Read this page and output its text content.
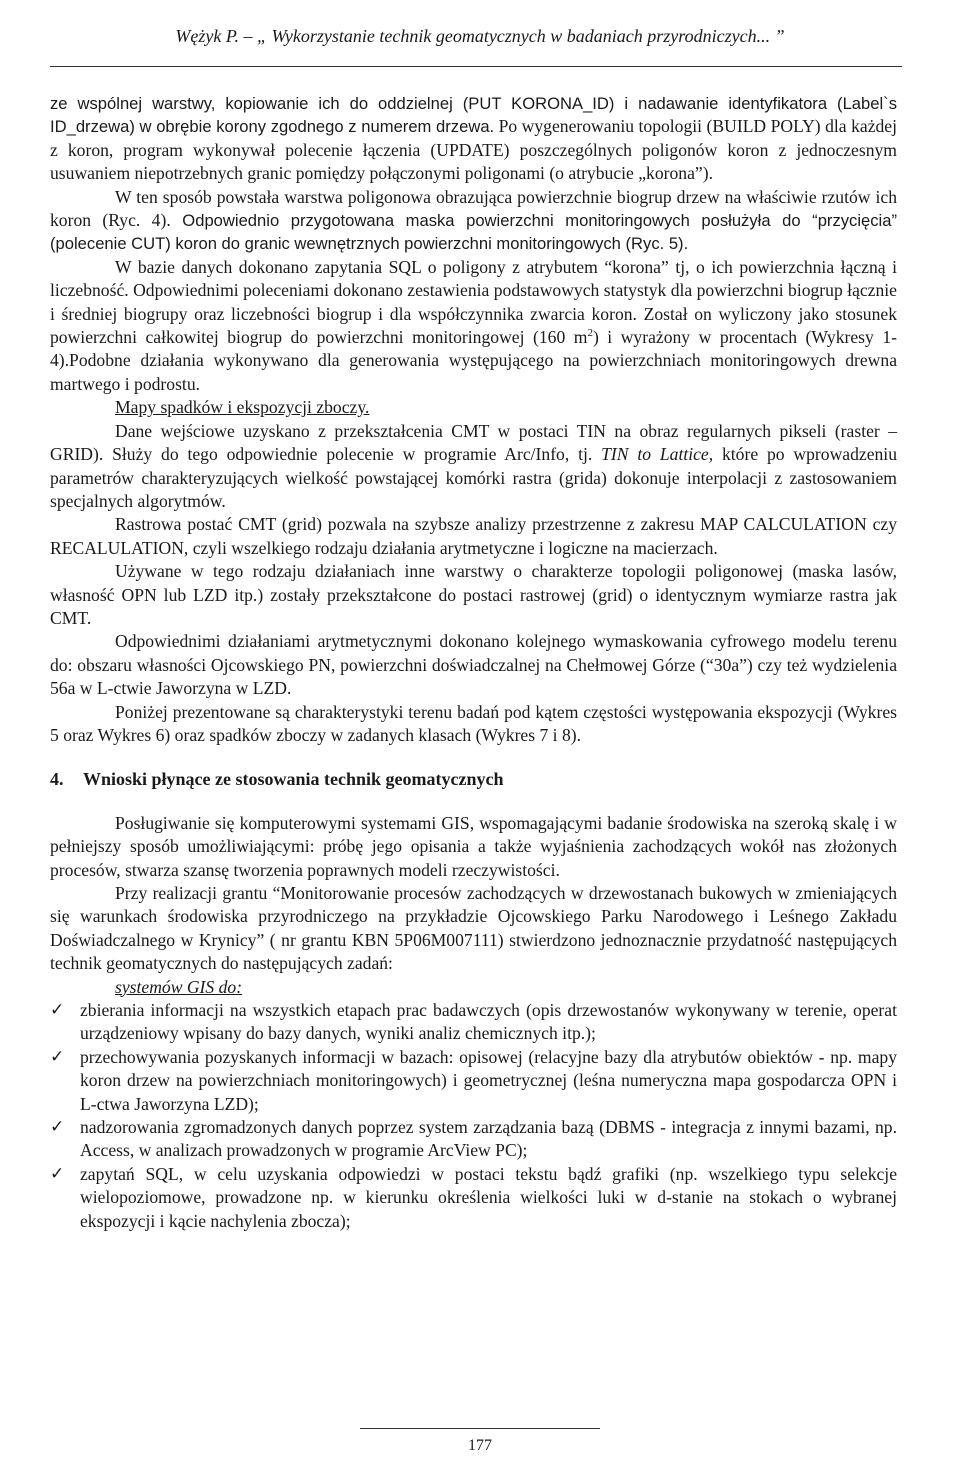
Wężyk P. – „ Wykorzystanie technik geomatycznych w badaniach przyrodniczych... ”

ze wspólnej warstwy, kopiowanie ich do oddzielnej (PUT KORONA_ID) i nadawanie identyfikatora (Label`s ID_drzewa) w obrębie korony zgodnego z numerem drzewa. Po wygenerowaniu topologii (BUILD POLY) dla każdej z koron, program wykonywał polecenie łączenia (UPDATE) poszczególnych poligonów koron z jednoczesnym usuwaniem niepotrzebnych granic pomiędzy połączonymi poligonami (o atrybucie „korona”).

W ten sposób powstała warstwa poligonowa obrazująca powierzchnie biogrup drzew na właściwie rzutów ich koron (Ryc. 4). Odpowiednio przygotowana maska powierzchni monitoringowych posłużyła do “przycięcia” (polecenie CUT) koron do granic wewnętrznych powierzchni monitoringowych (Ryc. 5).

W bazie danych dokonano zapytania SQL o poligony z atrybutem “korona” tj, o ich powierzchnia łączną i liczebność. Odpowiednimi poleceniami dokonano zestawienia podstawowych statystyk dla powierzchni biogrup łącznie i średniej biogrupy oraz liczebności biogrup i dla współczynnika zwarcia koron. Został on wyliczony jako stosunek powierzchni całkowitej biogrup do powierzchni monitoringowej (160 $m^2$) i wyrażony w procentach (Wykresy 1- 4).Podobne działania wykonywano dla generowania występującego na powierzchniach monitoringowych drewna martwego i podrostu.

Mapy spadków i ekspozycji zboczy.

Dane wejściowe uzyskano z przekształcenia CMT w postaci TIN na obraz regularnych pikseli (raster – GRID). Służy do tego odpowiednie polecenie w programie Arc/Info, tj. TIN to Lattice, które po wprowadzeniu parametrów charakteryzujących wielkość powstającej komórki rastra (grida) dokonuje interpolacji z zastosowaniem specjalnych algorytmów.

Rastrowa postać CMT (grid) pozwala na szybsze analizy przestrzenne z zakresu MAP CALCULATION czy RECALULATION, czyli wszelkiego rodzaju działania arytmetyczne i logiczne na macierzach.

Używane w tego rodzaju działaniach inne warstwy o charakterze topologii poligonowej (maska lasów, własność OPN lub LZD itp.) zostały przekształcone do postaci rastrowej (grid) o identycznym wymiarze rastra jak CMT.

Odpowiednimi działaniami arytmetycznymi dokonano kolejnego wymaskowania cyfrowego modelu terenu do: obszaru własności Ojcowskiego PN, powierzchni doświadczalnej na Chełmowej Górze (“30a”) czy też wydzielenia 56a w L-ctwie Jaworzyna w LZD.

Poniżej prezentowane są charakterystyki terenu badań pod kątem częstości występowania ekspozycji (Wykres 5 oraz Wykres 6) oraz spadków zboczy w zadanych klasach (Wykres 7 i 8).

4. Wnioski płynące ze stosowania technik geomatycznych

Posługiwanie się komputerowymi systemami GIS, wspomagającymi badanie środowiska na szeroką skalę i w pełniejszy sposób umożliwiającymi: próbę jego opisania a także wyjaśnienia zachodzących wokół nas złożonych procesów, stwarza szansę tworzenia poprawnych modeli rzeczywistości.

Przy realizacji grantu “Monitorowanie procesów zachodzących w drzewostanach bukowych w zmieniających się warunkach środowiska przyrodniczego na przykładzie Ojcowskiego Parku Narodowego i Leśnego Zakładu Doświadczalnego w Krynicy” ( nr grantu KBN 5P06M007111) stwierdzono jednoznacznie przydatność następujących technik geomatycznych do następujących zadań:

systemów GIS do:

✓ zbierania informacji na wszystkich etapach prac badawczych (opis drzewostanów wykonywany w terenie, operat urządzeniowy wpisany do bazy danych, wyniki analiz chemicznych itp.);
✓ przechowywania pozyskanych informacji w bazach: opisowej (relacyjne bazy dla atrybutów obiektów - np. mapy koron drzew na powierzchniach monitoringowych) i geometrycznej (leśna numeryczna mapa gospodarcza OPN i L-ctwa Jaworzyna LZD);
✓ nadzorowania zgromadzonych danych poprzez system zarządzania bazą (DBMS - integracja z innymi bazami, np. Access, w analizach prowadzonych w programie ArcView PC);
✓ zapytań SQL, w celu uzyskania odpowiedzi w postaci tekstu bądź grafiki (np. wszelkiego typu selekcje wielopoziomowe, prowadzone np. w kierunku określenia wielkości luki w d-stanie na stokach o wybranej ekspozycji i kącie nachylenia zbocza);
177
